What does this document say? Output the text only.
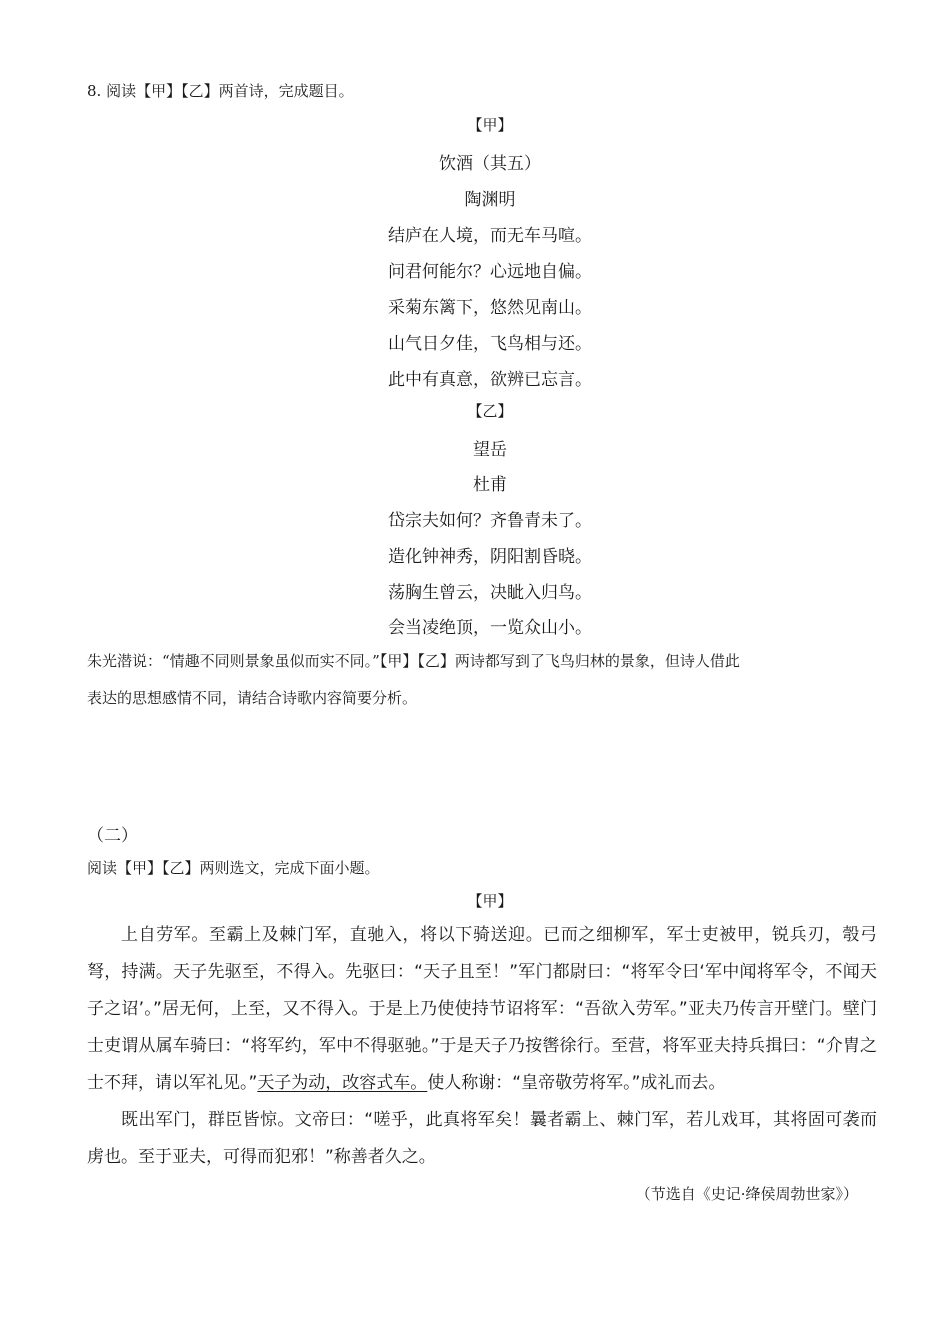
8. 阅读【甲】【乙】两首诗，完成题目。
【甲】
饮酒（其五）
陶渊明
结庐在人境，而无车马喧。
问君何能尔？心远地自偏。
采菊东篱下，悠然见南山。
山气日夕佳，飞鸟相与还。
此中有真意，欲辨已忘言。
【乙】
望岳
杜甫
岱宗夫如何？齐鲁青未了。
造化钟神秀，阴阳割昏晓。
荡胸生曾云，决眦入归鸟。
会当凌绝顶，一览众山小。
朱光潜说：“情趣不同则景象虽似而实不同。”【甲】【乙】两诗都写到了飞鸟归林的景象，但诗人借此
表达的思想感情不同，请结合诗歌内容简要分析。
（二）
阅读【甲】【乙】两则选文，完成下面小题。
【甲】
上自劳军。至霸上及棘门军，直驰入，将以下骑送迎。已而之细柳军，军士吏被甲，锐兵刃，彀弓弩，持满。天子先驱至，不得入。先驱曰：“天子且至！”军门都尉曰：“将军令曰‘军中闻将军令，不闻天子之诏’。”居无何，上至，又不得入。于是上乃使使持节诏将军：“吾欲入劳军。”亚夫乃传言开壁门。壁门士吏谓从属车骑曰：“将军约，军中不得驱驰。”于是天子乃按辔徐行。至营，将军亚夫持兵揖曰：“介胄之士不拜，请以军礼见。”天子为动，改容式车。使人称谢：“皇帝敬劳将军。”成礼而去。
既出军门，群臣皆惊。文帝曰：“嗟乎，此真将军矣！曩者霸上、棘门军，若儿戏耳，其将固可袭而虏也。至于亚夫，可得而犯邪！”称善者久之。
（节选自《史记·绛侯周勃世家》）
